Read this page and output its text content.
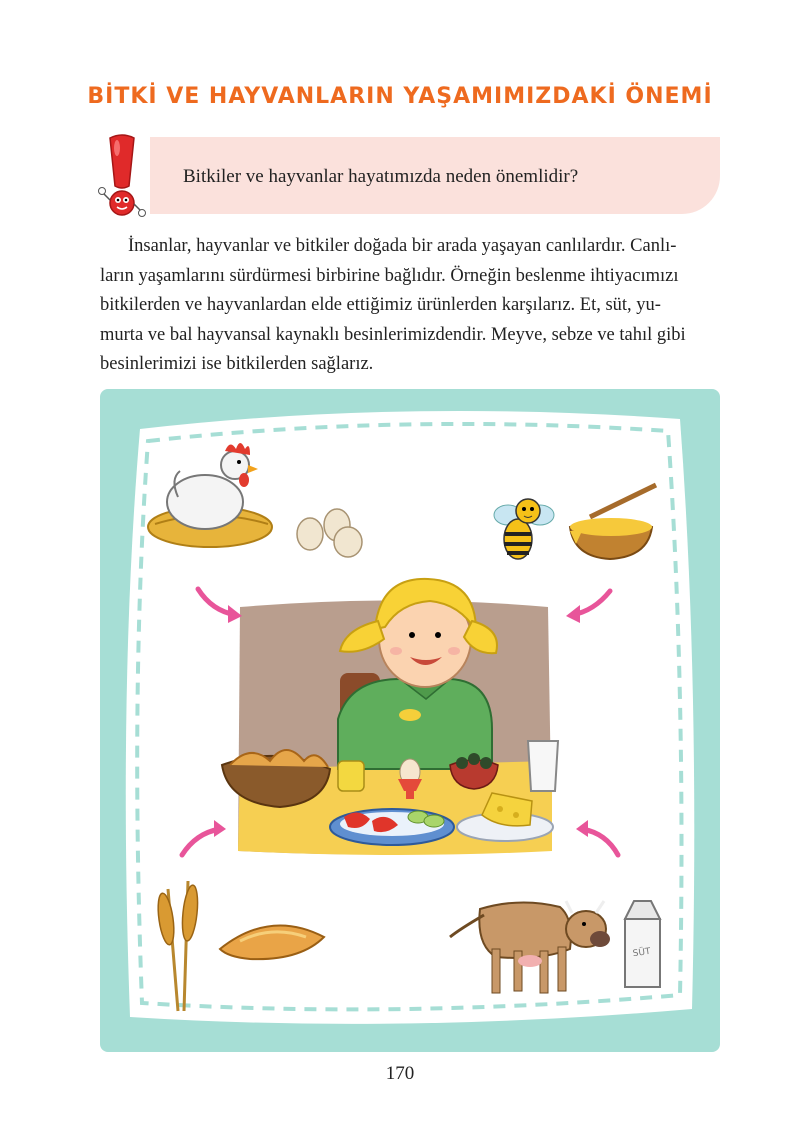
BİTKİ VE HAYVANLARIN YAŞAMIMIZDAKİ ÖNEMİ
Bitkiler ve hayvanlar hayatımızda neden önemlidir?
İnsanlar, hayvanlar ve bitkiler doğada bir arada yaşayan canlılardır. Canlı-
ların yaşamlarını sürdürmesi birbirine bağlıdır. Örneğin beslenme ihtiyacımızı
bitkilerden ve hayvanlardan elde ettiğimiz ürünlerden karşılarız. Et, süt, yu-
murta ve bal hayvansal kaynaklı besinlerimizdendir. Meyve, sebze ve tahıl gibi
besinlerimizi ise bitkilerden sağlarız.
SÜT
170
